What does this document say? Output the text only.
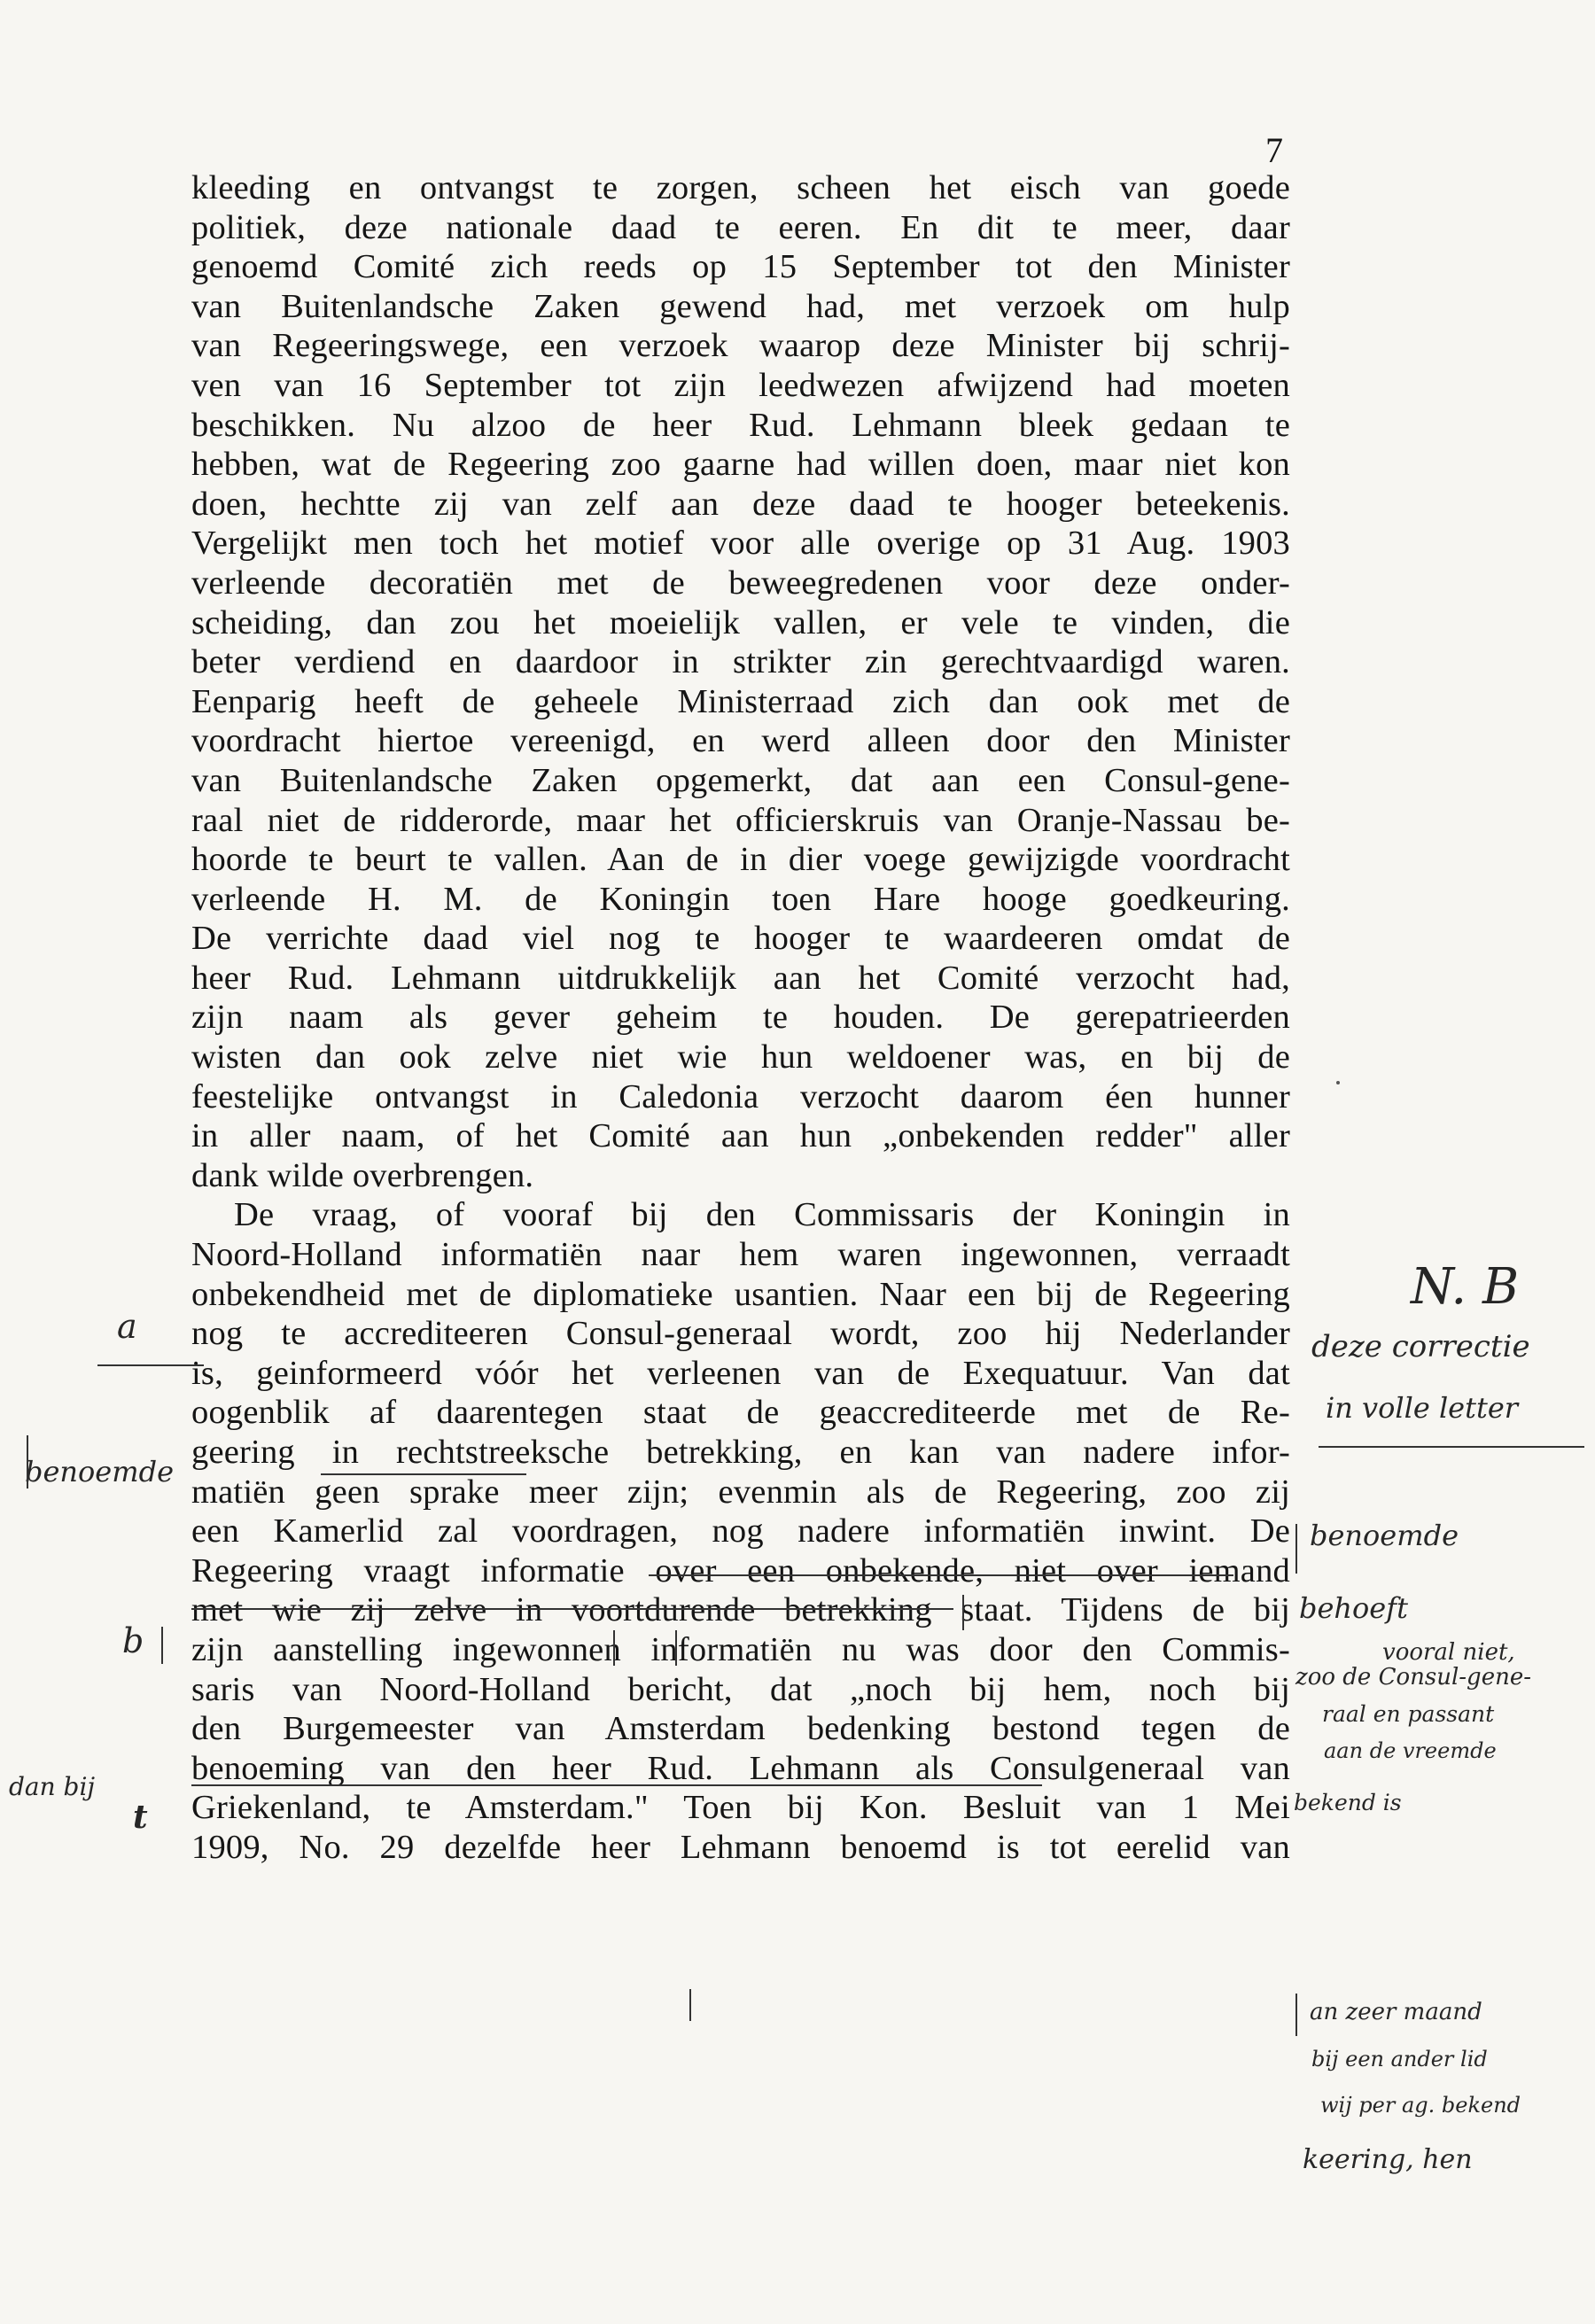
7
kleeding en ontvangst te zorgen, scheen het eisch van goede
politiek, deze nationale daad te eeren. En dit te meer, daar
genoemd Comité zich reeds op 15 September tot den Minister
van Buitenlandsche Zaken gewend had, met verzoek om hulp
van Regeeringswege, een verzoek waarop deze Minister bij schrij-
ven van 16 September tot zijn leedwezen afwijzend had moeten
beschikken. Nu alzoo de heer Rud. Lehmann bleek gedaan te
hebben, wat de Regeering zoo gaarne had willen doen, maar niet kon
doen, hechtte zij van zelf aan deze daad te hooger beteekenis.
Vergelijkt men toch het motief voor alle overige op 31 Aug. 1903
verleende decoratiën met de beweegredenen voor deze onder-
scheiding, dan zou het moeielijk vallen, er vele te vinden, die
beter verdiend en daardoor in strikter zin gerechtvaardigd waren.
Eenparig heeft de geheele Ministerraad zich dan ook met de
voordracht hiertoe vereenigd, en werd alleen door den Minister
van Buitenlandsche Zaken opgemerkt, dat aan een Consul-gene-
raal niet de ridderorde, maar het officierskruis van Oranje-Nassau be-
hoorde te beurt te vallen. Aan de in dier voege gewijzigde voordracht
verleende H. M. de Koningin toen Hare hooge goedkeuring.
De verrichte daad viel nog te hooger te waardeeren omdat de
heer Rud. Lehmann uitdrukkelijk aan het Comité verzocht had,
zijn naam als gever geheim te houden. De gerepatrieerden
wisten dan ook zelve niet wie hun weldoener was, en bij de
feestelijke ontvangst in Caledonia verzocht daarom éen hunner
in aller naam, of het Comité aan hun „onbekenden redder" aller
dank wilde overbrengen.
De vraag, of vooraf bij den Commissaris der Koningin in
Noord-Holland informatiën naar hem waren ingewonnen, verraadt
onbekendheid met de diplomatieke usantien. Naar een bij de Regeering
nog te accrediteeren Consul-generaal wordt, zoo hij Nederlander
is, geinformeerd vóór het verleenen van de Exequatuur. Van dat
oogenblik af daarentegen staat de geaccrediteerde met de Re-
geering in rechtstreeksche betrekking, en kan van nadere infor-
matiën geen sprake meer zijn; evenmin als de Regeering, zoo zij
een Kamerlid zal voordragen, nog nadere informatiën inwint. De
Regeering vraagt informatie over een onbekende, niet over iemand
met wie zij zelve in voortdurende betrekking staat. Tijdens de bij
zijn aanstelling ingewonnen informatiën nu was door den Commis-
saris van Noord-Holland bericht, dat „noch bij hem, noch bij
den Burgemeester van Amsterdam bedenking bestond tegen de
benoeming van den heer Rud. Lehmann als Consulgeneraal van
Griekenland, te Amsterdam." Toen bij Kon. Besluit van 1 Mei
1909, No. 29 dezelfde heer Lehmann benoemd is tot eerelid van
a
benoemde
b
dan bij
t
N. B
deze correctie
in volle letter
benoemde
behoeft
vooral niet,
zoo de Consul-gene-
raal en passant
aan de vreemde
bekend is
an zeer maand
bij een ander lid
wij per ag. bekend
keering, hen
